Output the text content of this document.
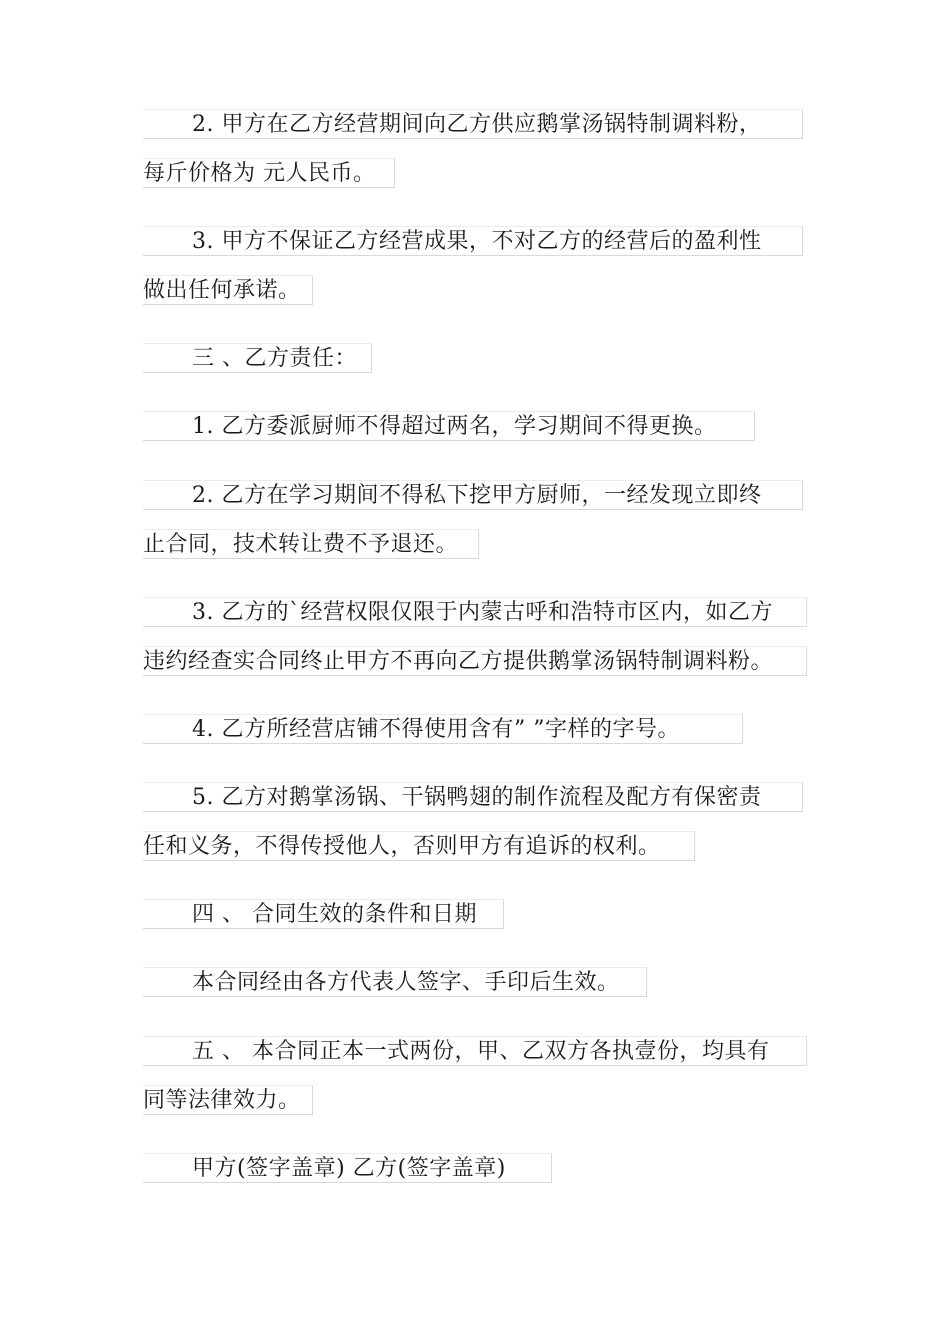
2. 甲方在乙方经营期间向乙方供应鹅掌汤锅特制调料粉，
每斤价格为 元人民币。
3. 甲方不保证乙方经营成果，不对乙方的经营后的盈利性
做出任何承诺。
三 、乙方责任：
1. 乙方委派厨师不得超过两名，学习期间不得更换。
2. 乙方在学习期间不得私下挖甲方厨师，一经发现立即终
止合同，技术转让费不予退还。
3. 乙方的`经营权限仅限于内蒙古呼和浩特市区内，如乙方
违约经查实合同终止甲方不再向乙方提供鹅掌汤锅特制调料粉。
4. 乙方所经营店铺不得使用含有” ”字样的字号。
5. 乙方对鹅掌汤锅、干锅鸭翅的制作流程及配方有保密责
任和义务，不得传授他人，否则甲方有追诉的权利。
四 、 合同生效的条件和日期
本合同经由各方代表人签字、手印后生效。
五 、 本合同正本一式两份，甲、乙双方各执壹份，均具有
同等法律效力。
甲方(签字盖章) 乙方(签字盖章)
